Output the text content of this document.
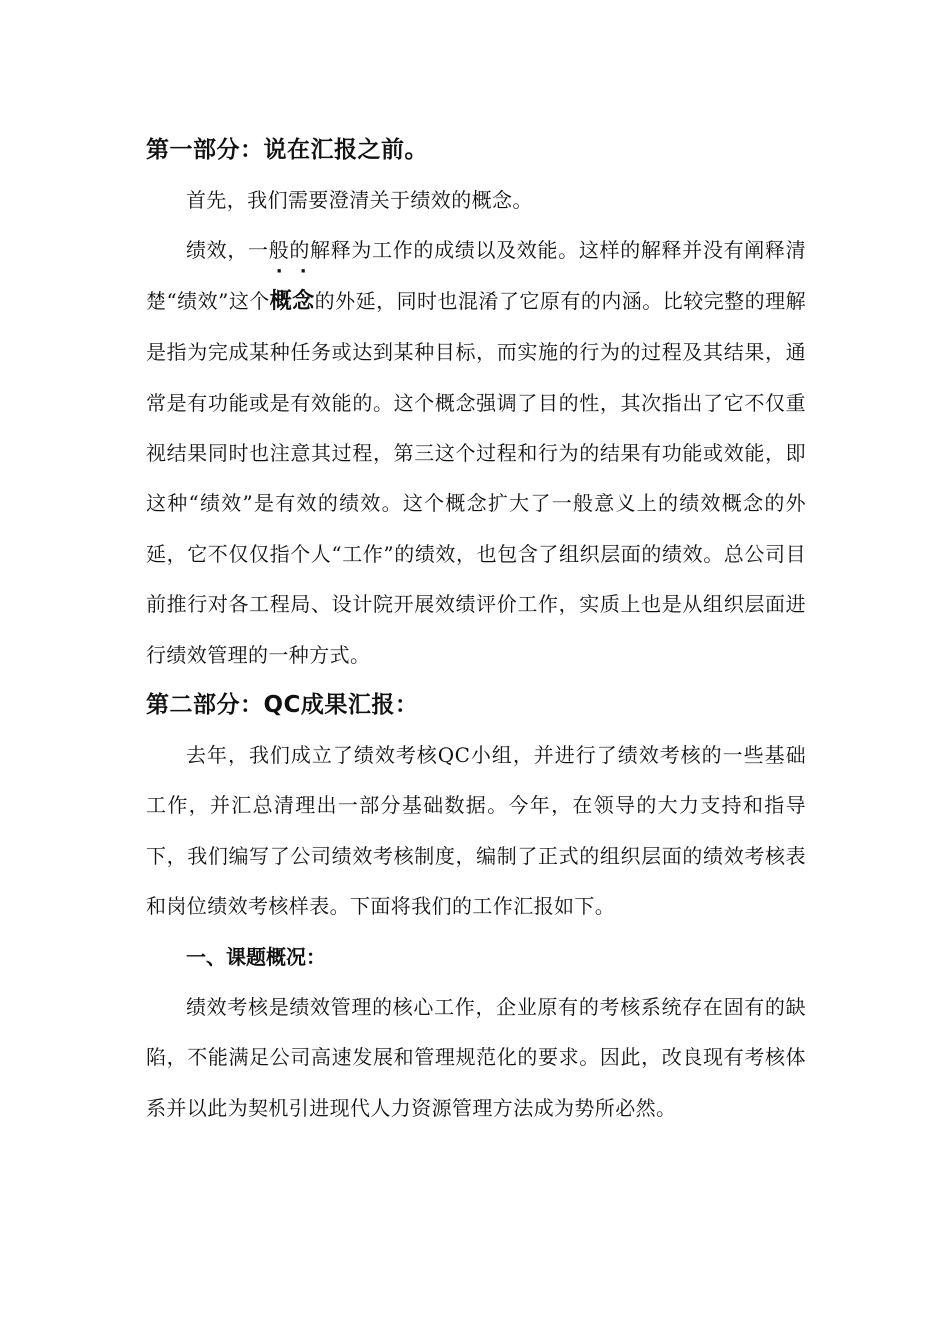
第一部分：说在汇报之前。

首先，我们需要澄清关于绩效的概念。

绩效，一般的解释为工作的成绩以及效能。这样的解释并没有阐释清楚“绩效”这个
· ·
概念的外延，同时也混淆了它原有的内涵。比较完整的理解是指为完成某种任务或达到某种目标，而实施的行为的过程及其结果，通常是有功能或是有效能的。这个概念强调了目的性，其次指出了它不仅重视结果同时也注意其过程，第三这个过程和行为的结果有功能或效能，即这种“绩效”是有效的绩效。这个概念扩大了一般意义上的绩效概念的外延，它不仅仅指个人“工作”的绩效，也包含了组织层面的绩效。总公司目前推行对各工程局、设计院开展效绩评价工作，实质上也是从组织层面进行绩效管理的一种方式。

第二部分：QC成果汇报：

去年，我们成立了绩效考核QC小组，并进行了绩效考核的一些基础工作，并汇总清理出一部分基础数据。今年，在领导的大力支持和指导下，我们编写了公司绩效考核制度，编制了正式的组织层面的绩效考核表和岗位绩效考核样表。下面将我们的工作汇报如下。

一、课题概况：

绩效考核是绩效管理的核心工作，企业原有的考核系统存在固有的缺陷，不能满足公司高速发展和管理规范化的要求。因此，改良现有考核体系并以此为契机引进现代人力资源管理方法成为势所必然。
